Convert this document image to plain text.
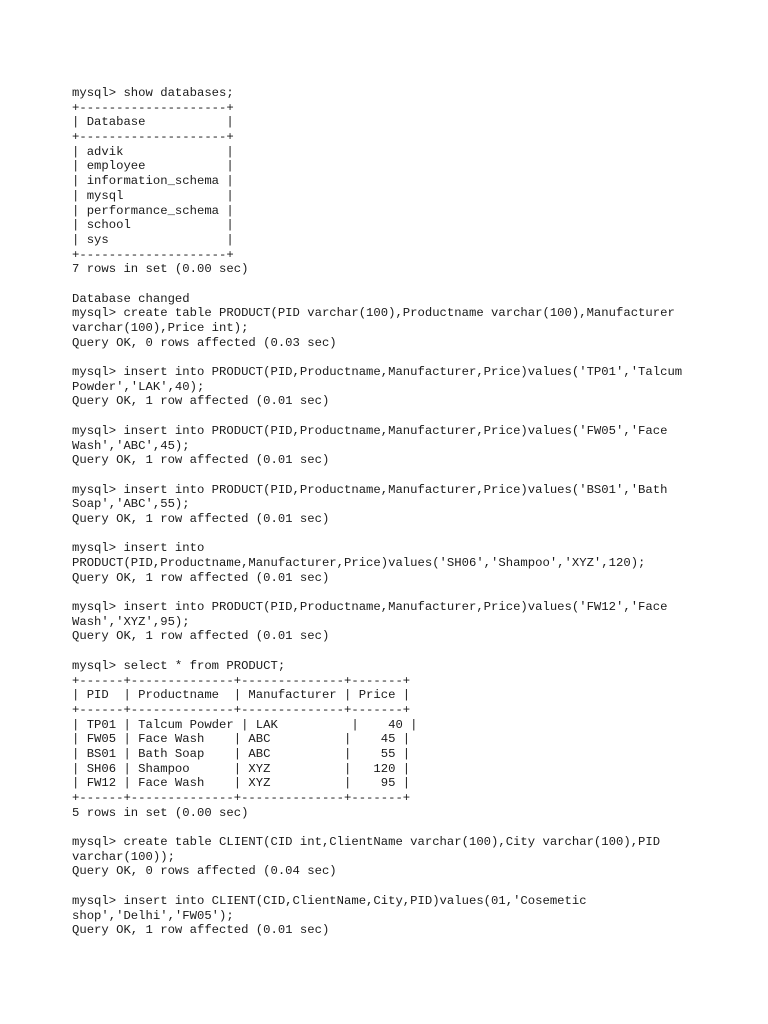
mysql> show databases;
+--------------------+
| Database           |
+--------------------+
| advik              |
| employee           |
| information_schema |
| mysql              |
| performance_schema |
| school             |
| sys                |
+--------------------+
7 rows in set (0.00 sec)
Database changed
mysql> create table PRODUCT(PID varchar(100),Productname varchar(100),Manufacturer
varchar(100),Price int);
Query OK, 0 rows affected (0.03 sec)
mysql> insert into PRODUCT(PID,Productname,Manufacturer,Price)values('TP01','Talcum
Powder','LAK',40);
Query OK, 1 row affected (0.01 sec)
mysql> insert into PRODUCT(PID,Productname,Manufacturer,Price)values('FW05','Face
Wash','ABC',45);
Query OK, 1 row affected (0.01 sec)
mysql> insert into PRODUCT(PID,Productname,Manufacturer,Price)values('BS01','Bath
Soap','ABC',55);
Query OK, 1 row affected (0.01 sec)
mysql> insert into
PRODUCT(PID,Productname,Manufacturer,Price)values('SH06','Shampoo','XYZ',120);
Query OK, 1 row affected (0.01 sec)
mysql> insert into PRODUCT(PID,Productname,Manufacturer,Price)values('FW12','Face
Wash','XYZ',95);
Query OK, 1 row affected (0.01 sec)
mysql> select * from PRODUCT;
+------+--------------+--------------+-------+
| PID  | Productname  | Manufacturer | Price |
+------+--------------+--------------+-------+
| TP01 | Talcum Powder | LAK          |    40 |
| FW05 | Face Wash    | ABC          |    45 |
| BS01 | Bath Soap    | ABC          |    55 |
| SH06 | Shampoo      | XYZ          |   120 |
| FW12 | Face Wash    | XYZ          |    95 |
+------+--------------+--------------+-------+
5 rows in set (0.00 sec)
mysql> create table CLIENT(CID int,ClientName varchar(100),City varchar(100),PID
varchar(100));
Query OK, 0 rows affected (0.04 sec)
mysql> insert into CLIENT(CID,ClientName,City,PID)values(01,'Cosemetic
shop','Delhi','FW05');
Query OK, 1 row affected (0.01 sec)
